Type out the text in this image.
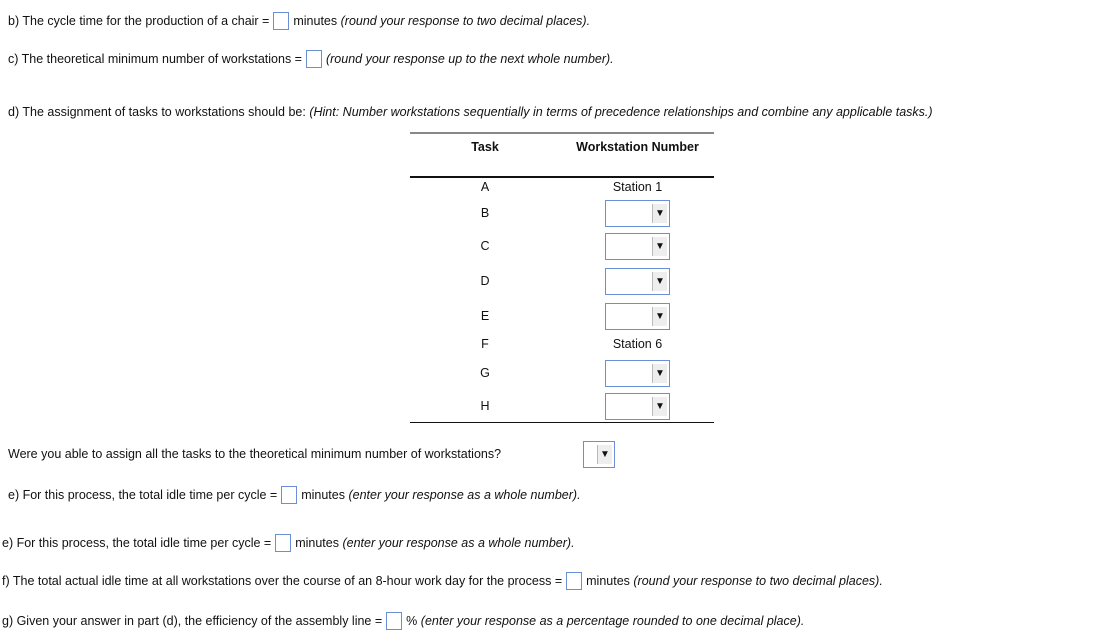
b) The cycle time for the production of a chair = minutes
(round your response to two decimal places).
c) The theoretical minimum number of workstations = (round your response up to the next whole number).
d) The assignment of tasks to workstations should be:
(Hint: Number workstations sequentially in terms of precedence relationships and combine any applicable tasks.)
Task	Workstation Number
A	Station 1
B	▼
C	▼
D	▼
E	▼
F	Station 6
G	▼
H	▼
Were you able to assign all the tasks to the theoretical minimum number of workstations?	▼
e) For this process, the total idle time per cycle = minutes
(enter your response as a whole number).
e) For this process, the total idle time per cycle = minutes
(enter your response as a whole number).
f) The total actual idle time at all workstations over the course of an 8-hour work day for the process = minutes
(round your response to two decimal places).
g) Given your answer in part (d), the efficiency of the assembly line = %
(enter your response as a percentage rounded to one decimal place).
